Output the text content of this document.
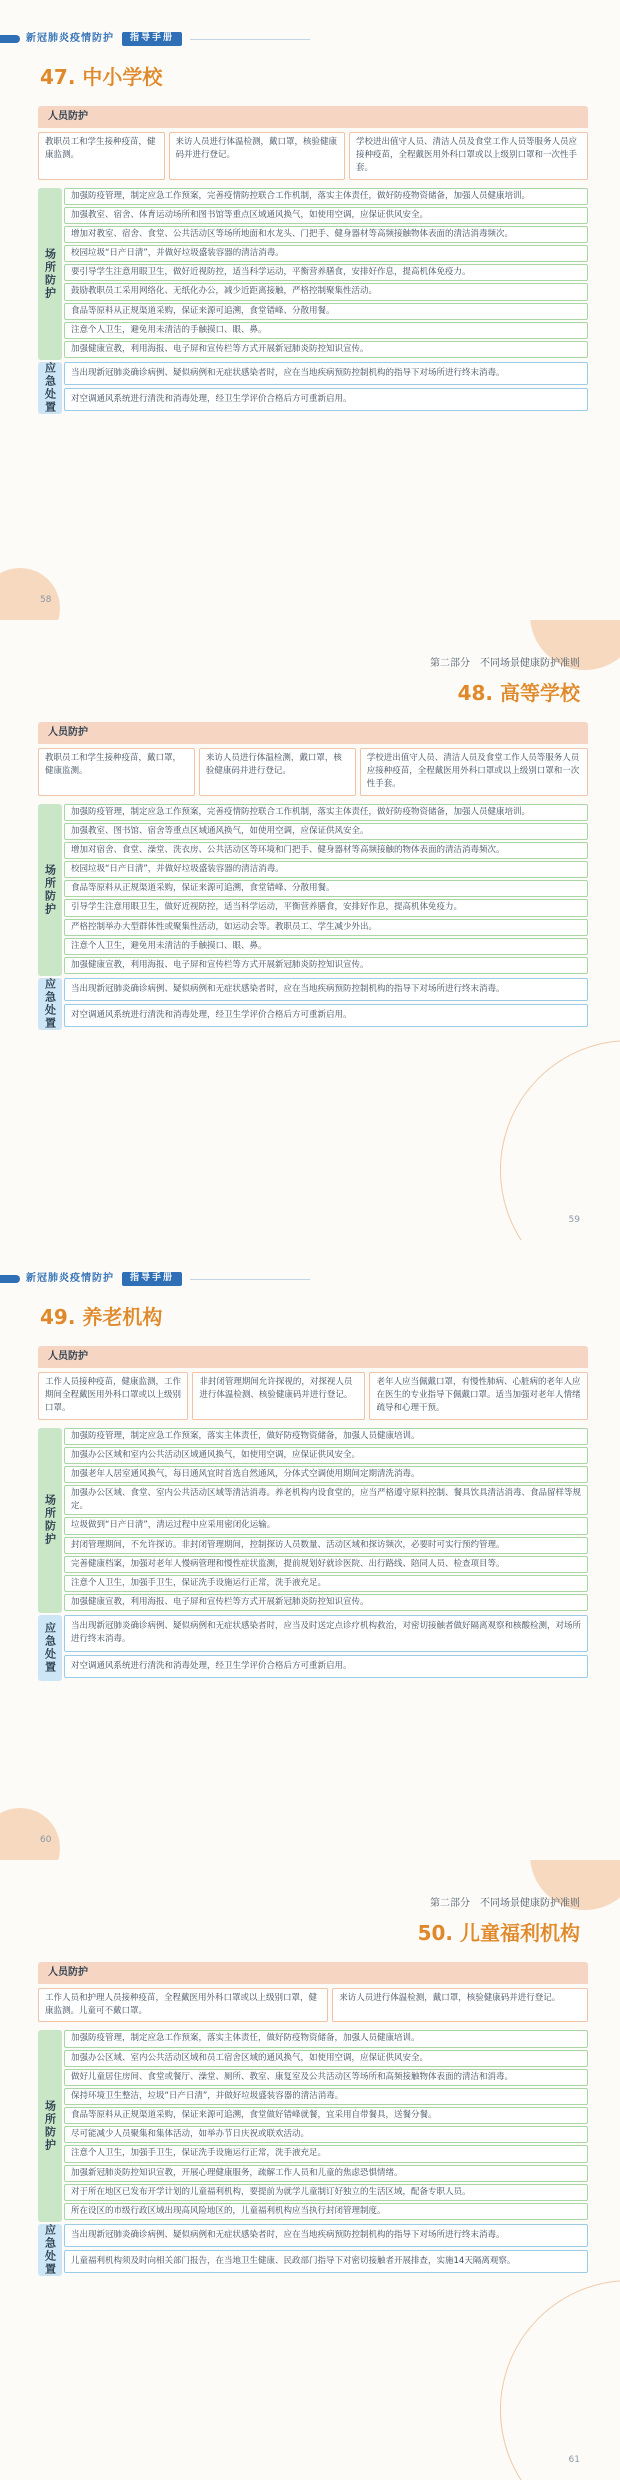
新冠肺炎疫情防护	指导手册
47. 中小学校
人员防护
教职员工和学生接种疫苗，健康监测。
来访人员进行体温检测，戴口罩，核验健康码并进行登记。
学校进出值守人员、清洁人员及食堂工作人员等服务人员应接种疫苗，全程戴医用外科口罩或以上级别口罩和一次性手套。
场所防护
加强防疫管理，制定应急工作预案，完善疫情防控联合工作机制，落实主体责任，做好防疫物资储备，加强人员健康培训。
加强教室、宿舍、体育运动场所和图书馆等重点区域通风换气，如使用空调，应保证供风安全。
增加对教室、宿舍、食堂、公共活动区等场所地面和水龙头、门把手、健身器材等高频接触物体表面的清洁消毒频次。
校园垃圾“日产日清”，并做好垃圾盛装容器的清洁消毒。
要引导学生注意用眼卫生，做好近视防控，适当科学运动，平衡营养膳食，安排好作息，提高机体免疫力。
鼓励教职员工采用网络化、无纸化办公，减少近距离接触，严格控制聚集性活动。
食品等原料从正规渠道采购，保证来源可追溯，食堂错峰、分散用餐。
注意个人卫生，避免用未清洁的手触摸口、眼、鼻。
加强健康宣教，利用海报、电子屏和宣传栏等方式开展新冠肺炎防控知识宣传。
应急处置	当出现新冠肺炎确诊病例、疑似病例和无症状感染者时，应在当地疾病预防控制机构的指导下对场所进行终末消毒。
对空调通风系统进行清洗和消毒处理，经卫生学评价合格后方可重新启用。
58
第二部分　不同场景健康防护准则
48. 高等学校
人员防护
教职员工和学生接种疫苗，戴口罩，健康监测。
来访人员进行体温检测，戴口罩，核验健康码并进行登记。
学校进出值守人员、清洁人员及食堂工作人员等服务人员应接种疫苗，全程戴医用外科口罩或以上级别口罩和一次性手套。
场所防护
加强防疫管理，制定应急工作预案，完善疫情防控联合工作机制，落实主体责任，做好防疫物资储备，加强人员健康培训。
加强教室、图书馆、宿舍等重点区域通风换气，如使用空调，应保证供风安全。
增加对宿舍、食堂、澡堂、洗衣房、公共活动区等环境和门把手、健身器材等高频接触的物体表面的清洁消毒频次。
校园垃圾“日产日清”，并做好垃圾盛装容器的清洁消毒。
食品等原料从正规渠道采购，保证来源可追溯，食堂错峰、分散用餐。
引导学生注意用眼卫生，做好近视防控，适当科学运动，平衡营养膳食，安排好作息，提高机体免疫力。
严格控制举办大型群体性或聚集性活动，如运动会等。教职员工、学生减少外出。
注意个人卫生，避免用未清洁的手触摸口、眼、鼻。
加强健康宣教，利用海报、电子屏和宣传栏等方式开展新冠肺炎防控知识宣传。
应急处置	当出现新冠肺炎确诊病例、疑似病例和无症状感染者时，应在当地疾病预防控制机构的指导下对场所进行终末消毒。
对空调通风系统进行清洗和消毒处理，经卫生学评价合格后方可重新启用。
59
新冠肺炎疫情防护	指导手册
49. 养老机构
人员防护
工作人员接种疫苗，健康监测，工作期间全程戴医用外科口罩或以上级别口罩。
非封闭管理期间允许探视的，对探视人员进行体温检测、核验健康码并进行登记。
老年人应当佩戴口罩，有慢性肺病、心脏病的老年人应在医生的专业指导下佩戴口罩。适当加强对老年人情绪疏导和心理干预。
场所防护
加强防疫管理，制定应急工作预案，落实主体责任，做好防疫物资储备，加强人员健康培训。
加强办公区域和室内公共活动区域通风换气，如使用空调，应保证供风安全。
加强老年人居室通风换气，每日通风宜时首选自然通风，分体式空调使用期间定期清洗消毒。
加强办公区域、食堂、室内公共活动区域等清洁消毒。养老机构内设食堂的，应当严格遵守原料控制、餐具饮具清洁消毒、食品留样等规定。
垃圾做到“日产日清”，清运过程中应采用密闭化运输。
封闭管理期间，不允许探访。非封闭管理期间，控制探访人员数量、活动区域和探访频次，必要时可实行预约管理。
完善健康档案，加强对老年人慢病管理和慢性症状监测，提前规划好就诊医院、出行路线、陪同人员、检查项目等。
注意个人卫生，加强手卫生，保证洗手设施运行正常，洗手液充足。
加强健康宣教，利用海报、电子屏和宣传栏等方式开展新冠肺炎防控知识宣传。
应急处置	当出现新冠肺炎确诊病例、疑似病例和无症状感染者时，应当及时送定点诊疗机构救治，对密切接触者做好隔离观察和核酸检测，对场所进行终末消毒。
对空调通风系统进行清洗和消毒处理，经卫生学评价合格后方可重新启用。
60
第二部分　不同场景健康防护准则
50. 儿童福利机构
人员防护
工作人员和护理人员接种疫苗，全程戴医用外科口罩或以上级别口罩，健康监测。儿童可不戴口罩。
来访人员进行体温检测，戴口罩，核验健康码并进行登记。
场所防护
加强防疫管理，制定应急工作预案，落实主体责任，做好防疫物资储备，加强人员健康培训。
加强办公区域、室内公共活动区域和员工宿舍区域的通风换气，如使用空调，应保证供风安全。
做好儿童居住房间、食堂或餐厅、澡堂、厕所、教室、康复室及公共活动区等场所和高频接触物体表面的清洁和消毒。
保持环境卫生整洁，垃圾“日产日清”，并做好垃圾盛装容器的清洁消毒。
食品等原料从正规渠道采购，保证来源可追溯，食堂做好错峰就餐，宜采用自带餐具，送餐分餐。
尽可能减少人员聚集和集体活动，如举办节日庆祝或联欢活动。
注意个人卫生，加强手卫生，保证洗手设施运行正常，洗手液充足。
加强新冠肺炎防控知识宣教，开展心理健康服务，疏解工作人员和儿童的焦虑恐惧情绪。
对于所在地区已发布开学计划的儿童福利机构，要提前为就学儿童制订好独立的生活区域，配备专职人员。
所在设区的市级行政区域出现高风险地区的，儿童福利机构应当执行封闭管理制度。
应急处置	当出现新冠肺炎确诊病例、疑似病例和无症状感染者时，应在当地疾病预防控制机构的指导下对场所进行终末消毒。
儿童福利机构须及时向相关部门报告，在当地卫生健康、民政部门指导下对密切接触者开展排查，实施14天隔离观察。
61
